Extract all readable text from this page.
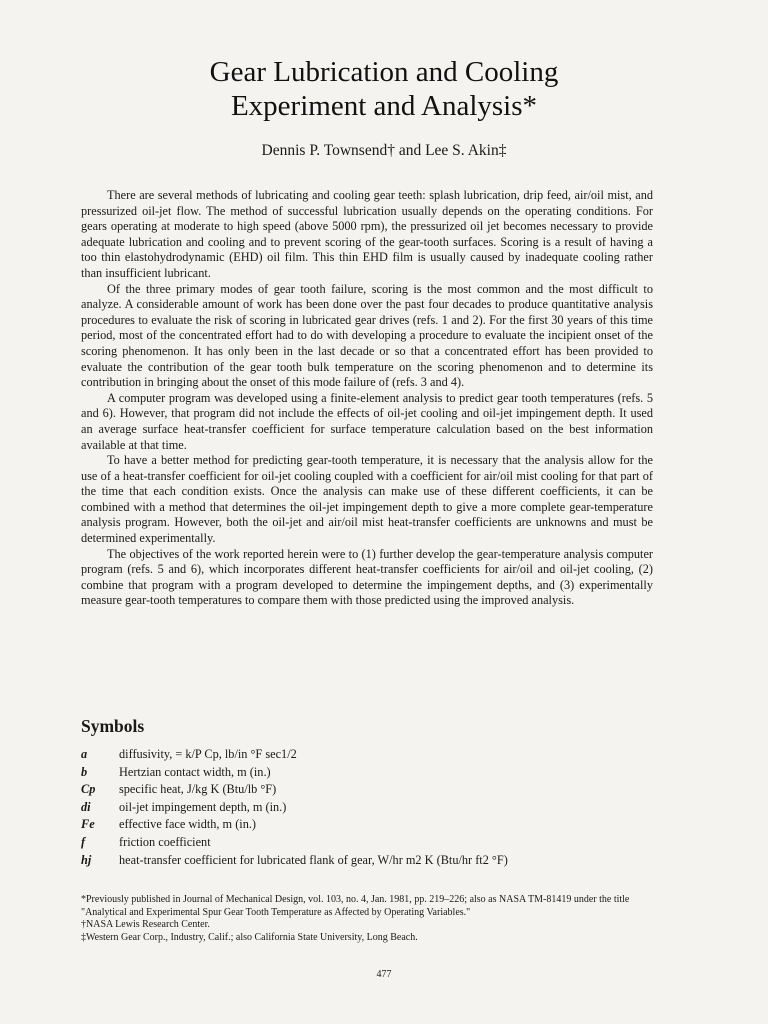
Gear Lubrication and Cooling
Experiment and Analysis*
Dennis P. Townsend† and Lee S. Akin‡

There are several methods of lubricating and cooling gear teeth: splash lubrication, drip feed, air/oil mist, and pressurized oil-jet flow. The method of successful lubrication usually depends on the operating conditions. For gears operating at moderate to high speed (above 5000 rpm), the pressurized oil jet becomes necessary to provide adequate lubrication and cooling and to prevent scoring of the gear-tooth surfaces. Scoring is a result of having a too thin elastohydrodynamic (EHD) oil film. This thin EHD film is usually caused by inadequate cooling rather than insufficient lubricant.

Of the three primary modes of gear tooth failure, scoring is the most common and the most difficult to analyze. A considerable amount of work has been done over the past four decades to produce quantitative analysis procedures to evaluate the risk of scoring in lubricated gear drives (refs. 1 and 2). For the first 30 years of this time period, most of the concentrated effort had to do with developing a procedure to evaluate the incipient onset of the scoring phenomenon. It has only been in the last decade or so that a concentrated effort has been provided to evaluate the contribution of the gear tooth bulk temperature on the scoring phenomenon and to determine its contribution in bringing about the onset of this mode failure of (refs. 3 and 4).

A computer program was developed using a finite-element analysis to predict gear tooth temperatures (refs. 5 and 6). However, that program did not include the effects of oil-jet cooling and oil-jet impingement depth. It used an average surface heat-transfer coefficient for surface temperature calculation based on the best information available at that time.

To have a better method for predicting gear-tooth temperature, it is necessary that the analysis allow for the use of a heat-transfer coefficient for oil-jet cooling coupled with a coefficient for air/oil mist cooling for that part of the time that each condition exists. Once the analysis can make use of these different coefficients, it can be combined with a method that determines the oil-jet impingement depth to give a more complete gear-temperature analysis program. However, both the oil-jet and air/oil mist heat-transfer coefficients are unknowns and must be determined experimentally.

The objectives of the work reported herein were to (1) further develop the gear-temperature analysis computer program (refs. 5 and 6), which incorporates different heat-transfer coefficients for air/oil and oil-jet cooling, (2) combine that program with a program developed to determine the impingement depths, and (3) experimentally measure gear-tooth temperatures to compare them with those predicted using the improved analysis.

Symbols
a	diffusivity, = k/P Cp, lb/in °F sec1/2
b	Hertzian contact width, m (in.)
Cp specific heat, J/kg K (Btu/lb °F)
di oil-jet impingement depth, m (in.)
Fe effective face width, m (in.)
f	friction coefficient
hj heat-transfer coefficient for lubricated flank of gear, W/hr m2 K (Btu/hr ft2 °F)

*Previously published in Journal of Mechanical Design, vol. 103, no. 4, Jan. 1981, pp. 219–226; also as NASA TM-81419 under the title "Analytical and Experimental Spur Gear Tooth Temperature as Affected by Operating Variables."

†NASA Lewis Research Center.

‡Western Gear Corp., Industry, Calif.; also California State University, Long Beach.

477
